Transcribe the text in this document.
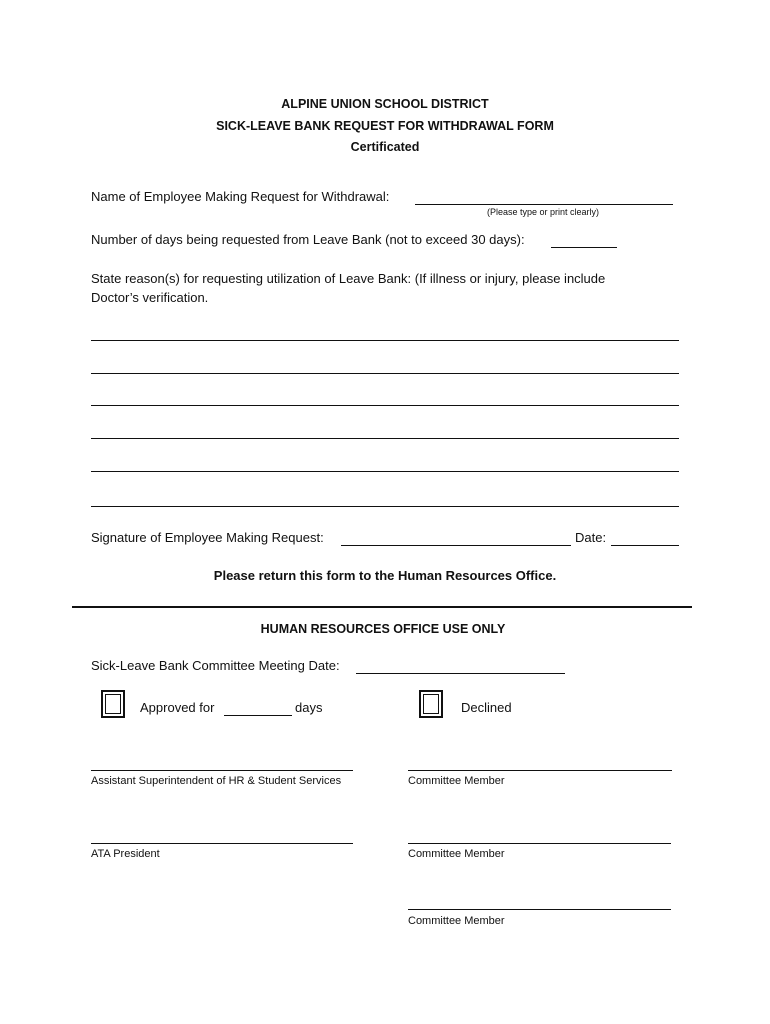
ALPINE UNION SCHOOL DISTRICT
SICK-LEAVE BANK REQUEST FOR WITHDRAWAL FORM
Certificated
Name of Employee Making Request for Withdrawal:
(Please type or print clearly)
Number of days being requested from Leave Bank (not to exceed 30 days):
State reason(s) for requesting utilization of Leave Bank: (If illness or injury, please include
Doctor’s verification.
Signature of Employee Making Request:	Date:
Please return this form to the Human Resources Office.
HUMAN RESOURCES OFFICE USE ONLY
Sick-Leave Bank Committee Meeting Date:
Approved for	days	Declined
Assistant Superintendent of HR & Student Services	Committee Member
ATA President	Committee Member
Committee Member
